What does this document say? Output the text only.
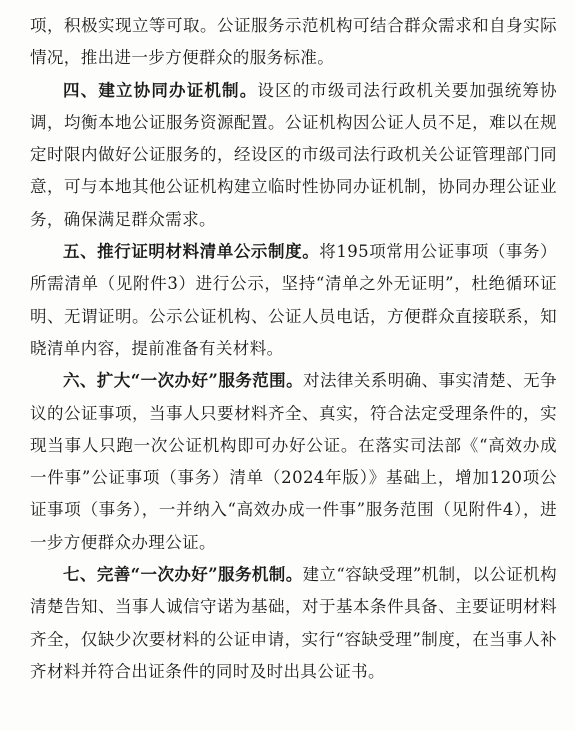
项，积极实现立等可取。公证服务示范机构可结合群众需求和自身实际情况，推出进一步方便群众的服务标准。

四、建立协同办证机制。设区的市级司法行政机关要加强统筹协调，均衡本地公证服务资源配置。公证机构因公证人员不足，难以在规定时限内做好公证服务的，经设区的市级司法行政机关公证管理部门同意，可与本地其他公证机构建立临时性协同办证机制，协同办理公证业务，确保满足群众需求。

五、推行证明材料清单公示制度。将195项常用公证事项（事务）所需清单（见附件3）进行公示，坚持“清单之外无证明”，杜绝循环证明、无谓证明。公示公证机构、公证人员电话，方便群众直接联系，知晓清单内容，提前准备有关材料。

六、扩大“一次办好”服务范围。对法律关系明确、事实清楚、无争议的公证事项，当事人只要材料齐全、真实，符合法定受理条件的，实现当事人只跑一次公证机构即可办好公证。在落实司法部《“高效办成一件事”公证事项（事务）清单（2024年版）》基础上，增加120项公证事项（事务），一并纳入“高效办成一件事”服务范围（见附件4），进一步方便群众办理公证。

七、完善“一次办好”服务机制。建立“容缺受理”机制，以公证机构清楚告知、当事人诚信守诺为基础，对于基本条件具备、主要证明材料齐全，仅缺少次要材料的公证申请，实行“容缺受理”制度，在当事人补齐材料并符合出证条件的同时及时出具公证书。
